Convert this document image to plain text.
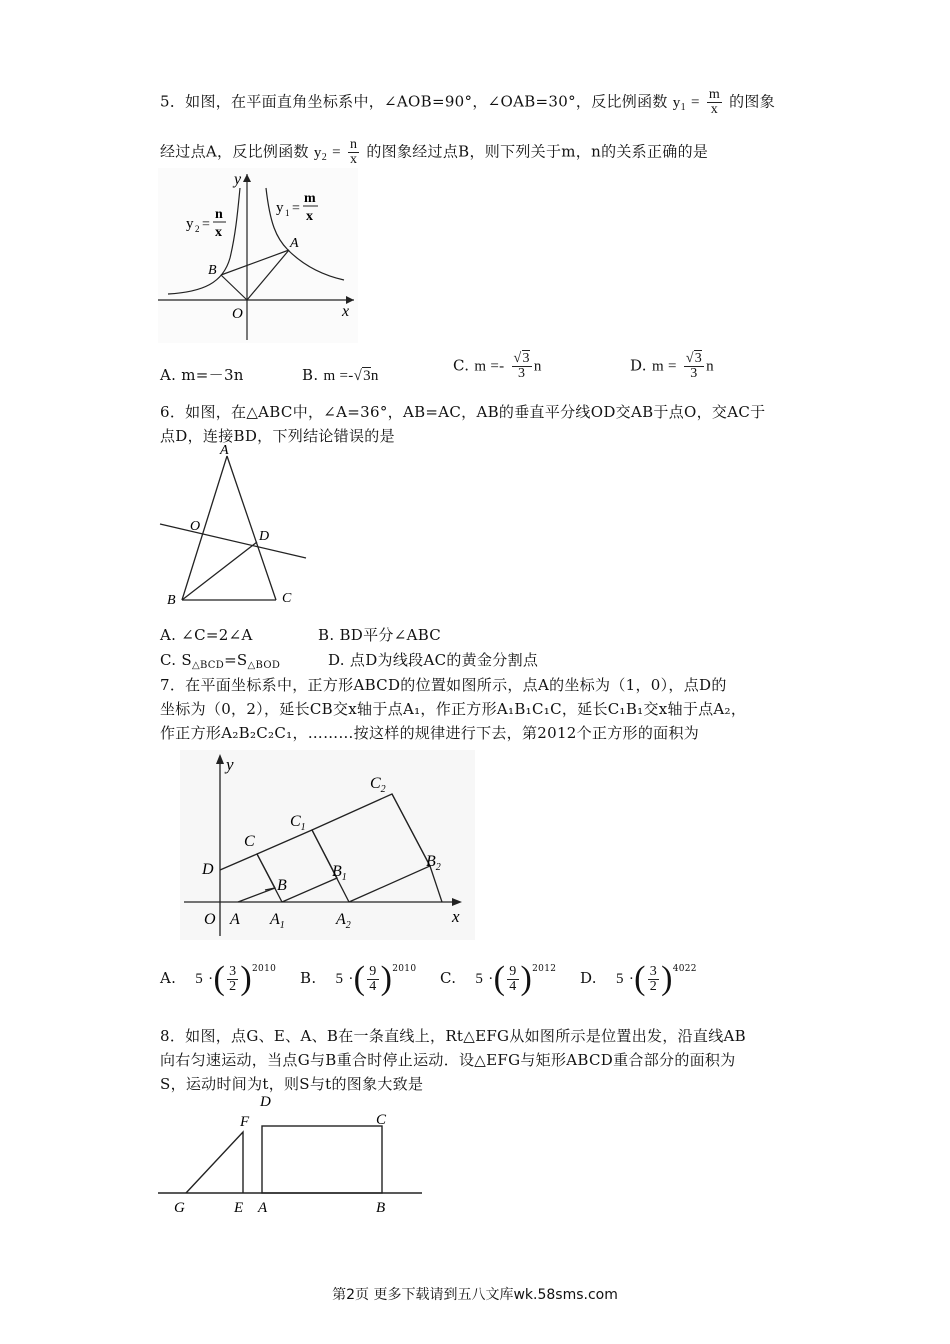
5．如图，在平面直角坐标系中，∠AOB=90°，∠OAB=30°，反比例函数 $y_1 = \frac{m}{x}$ 的图象
经过点A，反比例函数 $y_2 = \frac{n}{x}$ 的图象经过点B，则下列关于m，n的关系正确的是
y
x
O
A
B
y 2 =
n
x
y 1 =
m
x
A. m=－3n	B. m =-√3n
C. $m =- \frac{√3}{3}$ n	D. $m = \frac{√3}{3}$ n
6．如图，在△ABC中，∠A=36°，AB=AC，AB的垂直平分线OD交AB于点O，交AC于
点D，连接BD，下列结论错误的是
A
B	C
D
O
A. ∠C=2∠A	B. BD平分∠ABC
C. $S_{\triangle BCD}=S_{\triangle BOD}$	D. 点D为线段AC的黄金分割点
7．在平面坐标系中，正方形ABCD的位置如图所示，点A的坐标为（1，0），点D的
坐标为（0，2），延长CB交x轴于点A₁，作正方形A₁B₁C₁C，延长C₁B₁交x轴于点A₂，
作正方形A₂B₂C₂C₁，………按这样的规律进行下去，第2012个正方形的面积为
y
x
O A $A_1$	$A_2$
B
$B_1$
$B_2$
C
$C_1$
$C_2$
D
A. 5 ·( $\frac{3}{2} )^{2010}$ B. 5 ·( $\frac{9}{4} )^{2010}$ C. 5 ·( $\frac{9}{4} )^{2012}$ D. 5 ·( $\frac{3}{2} )^{4022}$
8．如图，点G、E、A、B在一条直线上，Rt△EFG从如图所示是位置出发，沿直线AB
向右匀速运动，当点G与B重合时停止运动．设△EFG与矩形ABCD重合部分的面积为
S，运动时间为t，则S与t的图象大致是
G	E A	B
C
D
F
第2页 更多下载请到五八文库wk.58sms.com
